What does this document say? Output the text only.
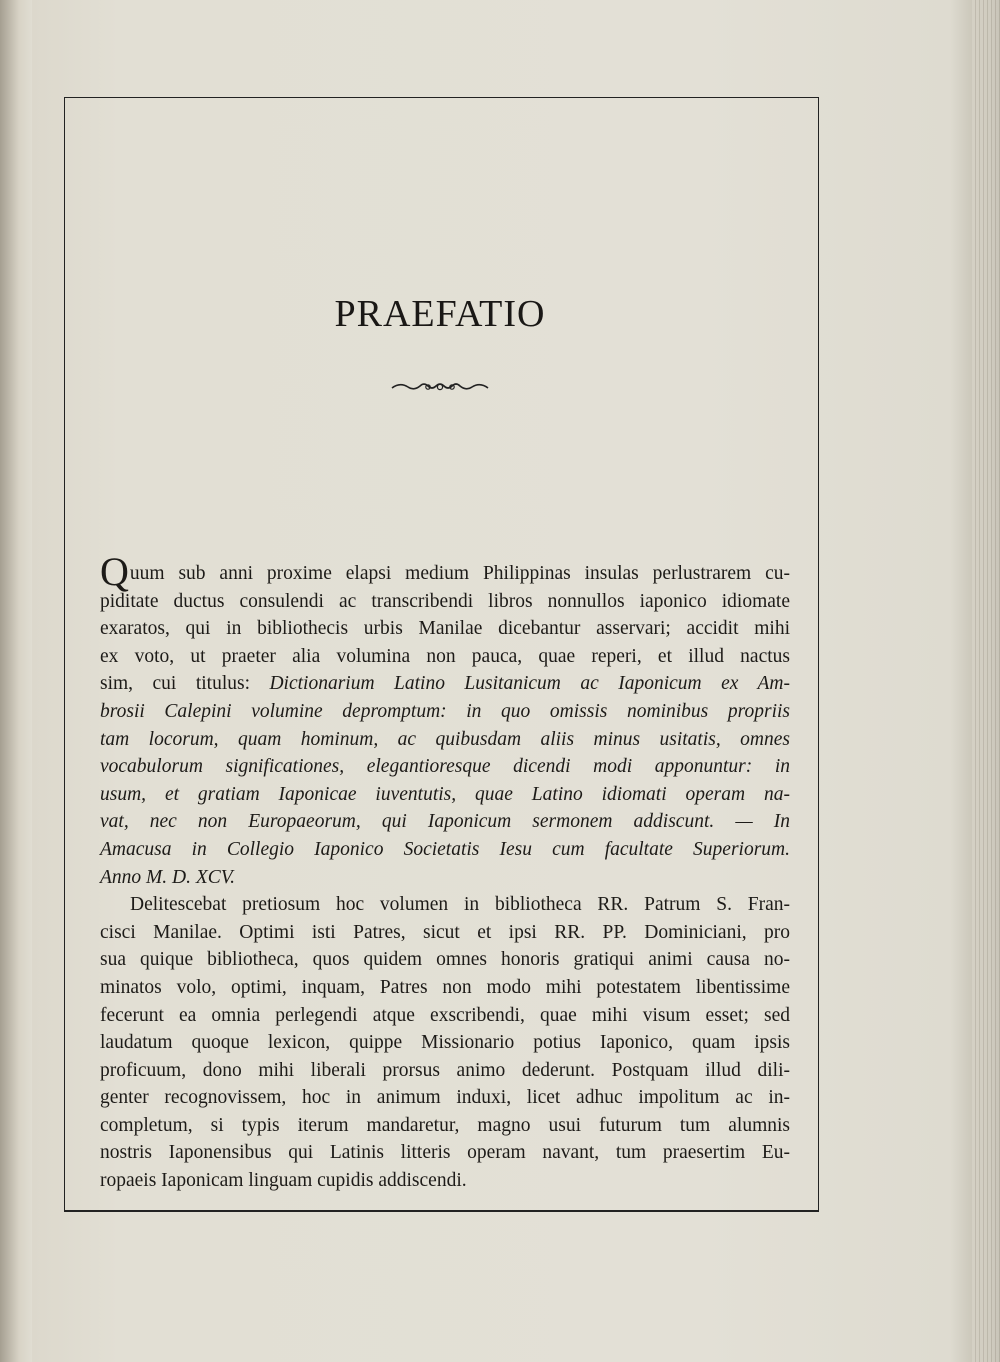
PRAEFATIO
Quum sub anni proxime elapsi medium Philippinas insulas perlustrarem cu-
piditate ductus consulendi ac transcribendi libros nonnullos iaponico idiomate
exaratos, qui in bibliothecis urbis Manilae dicebantur asservari; accidit mihi
ex voto, ut praeter alia volumina non pauca, quae reperi, et illud nactus
sim, cui titulus: Dictionarium Latino Lusitanicum ac Iaponicum ex Am-
brosii Calepini volumine depromptum: in quo omissis nominibus propriis
tam locorum, quam hominum, ac quibusdam aliis minus usitatis, omnes
vocabulorum significationes, elegantioresque dicendi modi apponuntur: in
usum, et gratiam Iaponicae iuventutis, quae Latino idiomati operam na-
vat, nec non Europaeorum, qui Iaponicum sermonem addiscunt. — In
Amacusa in Collegio Iaponico Societatis Iesu cum facultate Superiorum.
Anno M. D. XCV.
Delitescebat pretiosum hoc volumen in bibliotheca RR. Patrum S. Fran-
cisci Manilae. Optimi isti Patres, sicut et ipsi RR. PP. Dominiciani, pro
sua quique bibliotheca, quos quidem omnes honoris gratiqui animi causa no-
minatos volo, optimi, inquam, Patres non modo mihi potestatem libentissime
fecerunt ea omnia perlegendi atque exscribendi, quae mihi visum esset; sed
laudatum quoque lexicon, quippe Missionario potius Iaponico, quam ipsis
proficuum, dono mihi liberali prorsus animo dederunt. Postquam illud dili-
genter recognovissem, hoc in animum induxi, licet adhuc impolitum ac in-
completum, si typis iterum mandaretur, magno usui futurum tum alumnis
nostris Iaponensibus qui Latinis litteris operam navant, tum praesertim Eu-
ropaeis Iaponicam linguam cupidis addiscendi.
